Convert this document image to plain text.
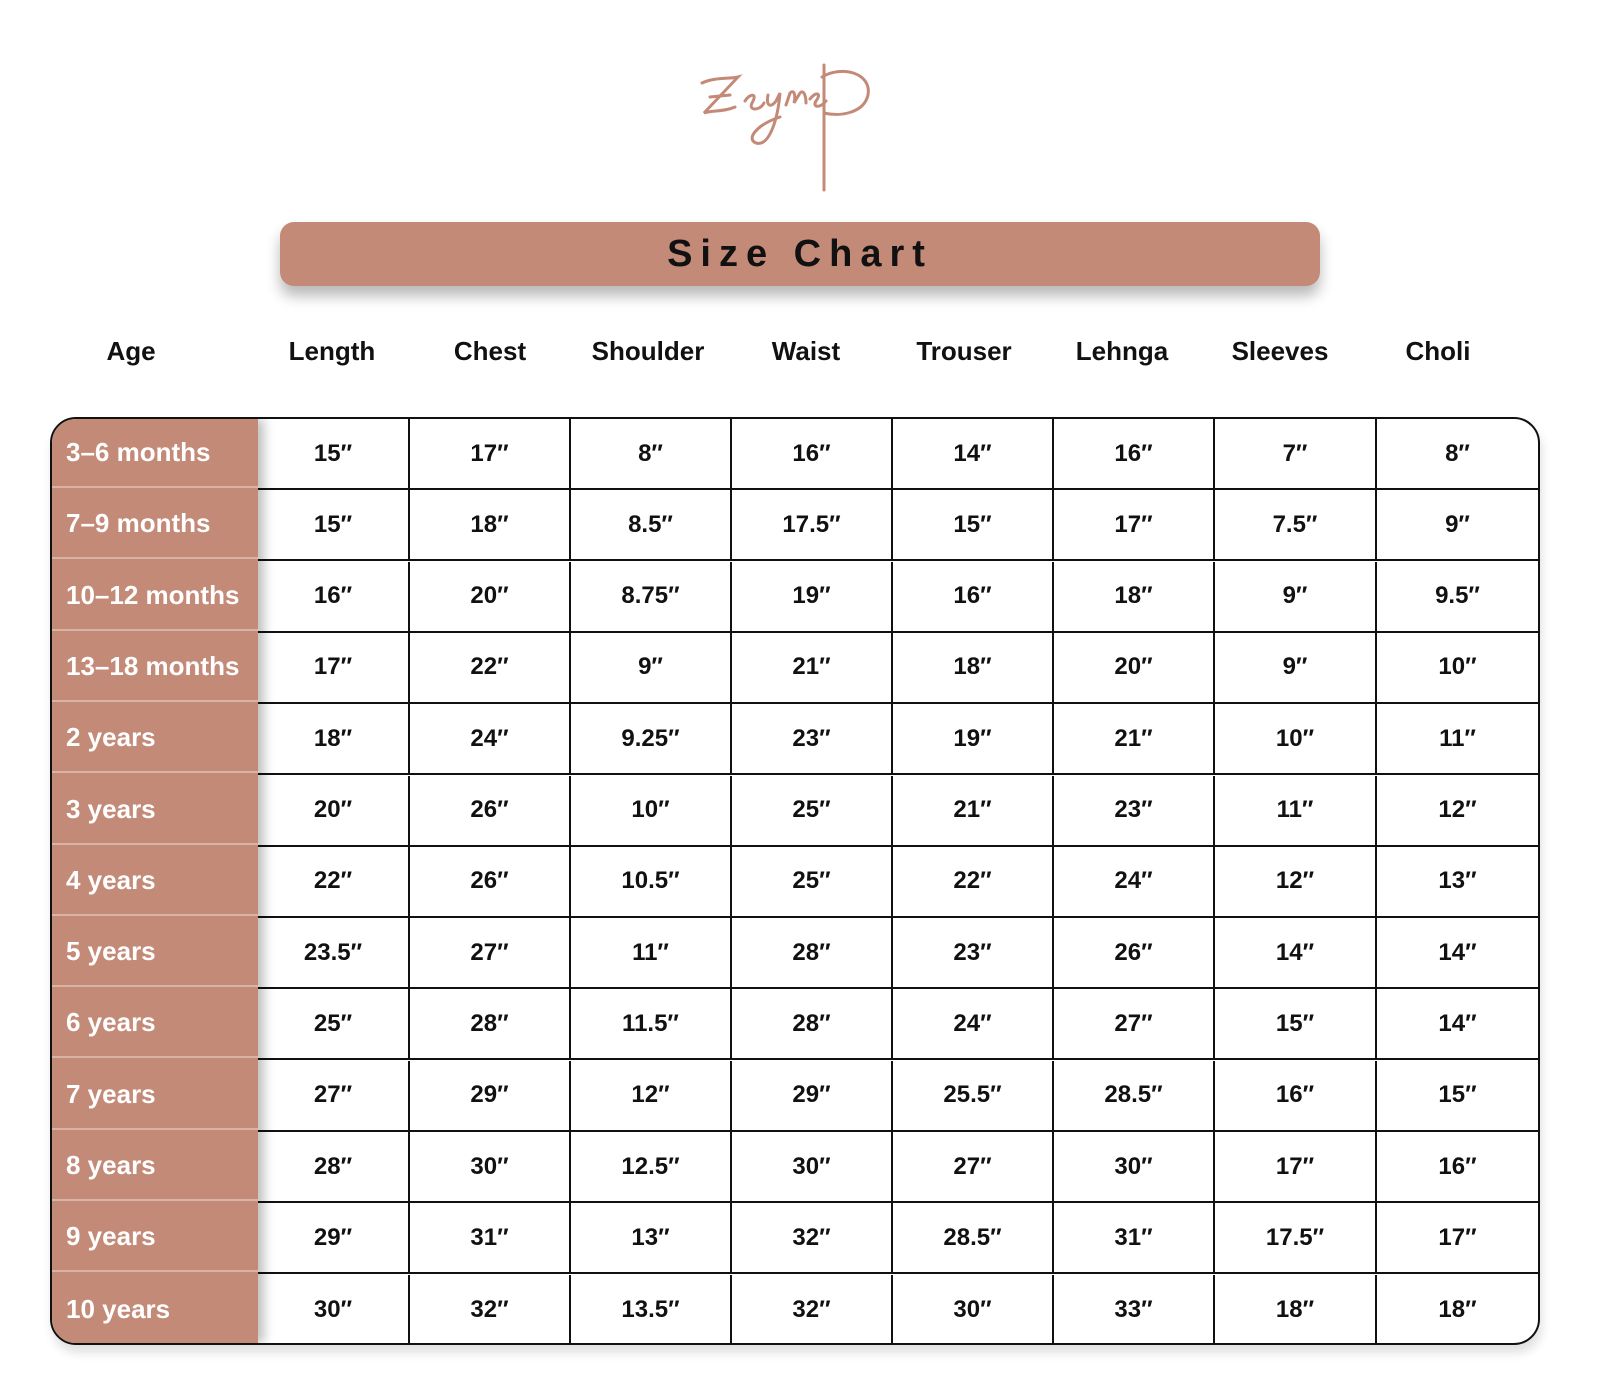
Size Chart
Age	Length	Chest	Shoulder	Waist	Trouser	Lehnga	Sleeves	Choli
3–6 months	15″	17″	8″	16″	14″	16″	7″	8″
7–9 months	15″	18″	8.5″	17.5″	15″	17″	7.5″	9″
10–12 months	16″	20″	8.75″	19″	16″	18″	9″	9.5″
13–18 months	17″	22″	9″	21″	18″	20″	9″	10″
2 years	18″	24″	9.25″	23″	19″	21″	10″	11″
3 years	20″	26″	10″	25″	21″	23″	11″	12″
4 years	22″	26″	10.5″	25″	22″	24″	12″	13″
5 years	23.5″	27″	11″	28″	23″	26″	14″	14″
6 years	25″	28″	11.5″	28″	24″	27″	15″	14″
7 years	27″	29″	12″	29″	25.5″	28.5″	16″	15″
8 years	28″	30″	12.5″	30″	27″	30″	17″	16″
9 years	29″	31″	13″	32″	28.5″	31″	17.5″	17″
10 years	30″	32″	13.5″	32″	30″	33″	18″	18″
